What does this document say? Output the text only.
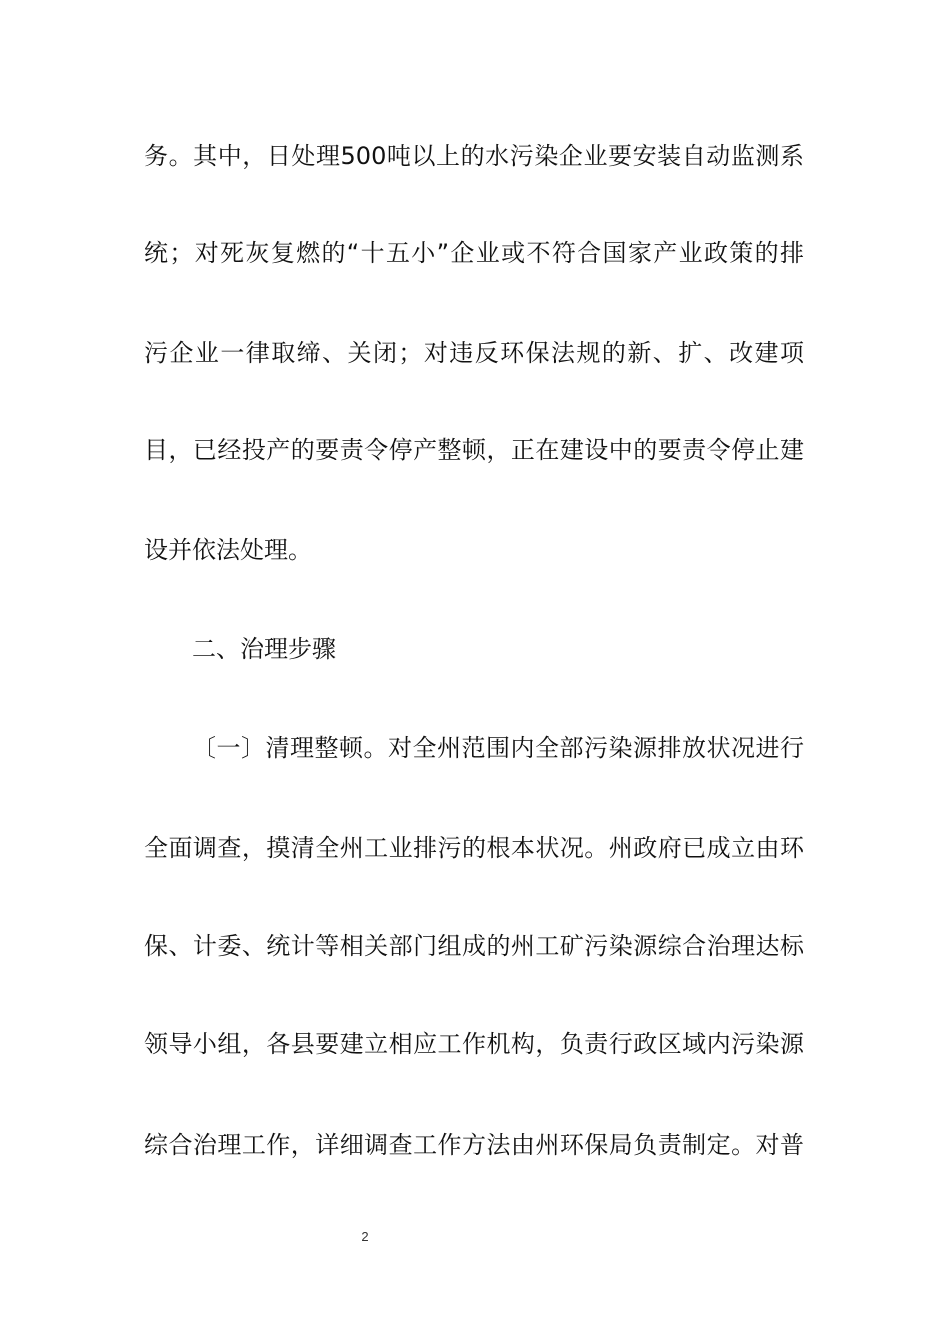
务。其中，日处理500吨以上的水污染企业要安装自动监测系
统；对死灰复燃的“十五小”企业或不符合国家产业政策的排
污企业一律取缔、关闭；对违反环保法规的新、扩、改建项
目，已经投产的要责令停产整顿，正在建设中的要责令停止建
设并依法处理。
二、治理步骤
〔一〕清理整顿。对全州范围内全部污染源排放状况进行
全面调查，摸清全州工业排污的根本状况。州政府已成立由环
保、计委、统计等相关部门组成的州工矿污染源综合治理达标
领导小组，各县要建立相应工作机构，负责行政区域内污染源
综合治理工作，详细调查工作方法由州环保局负责制定。对普
2
